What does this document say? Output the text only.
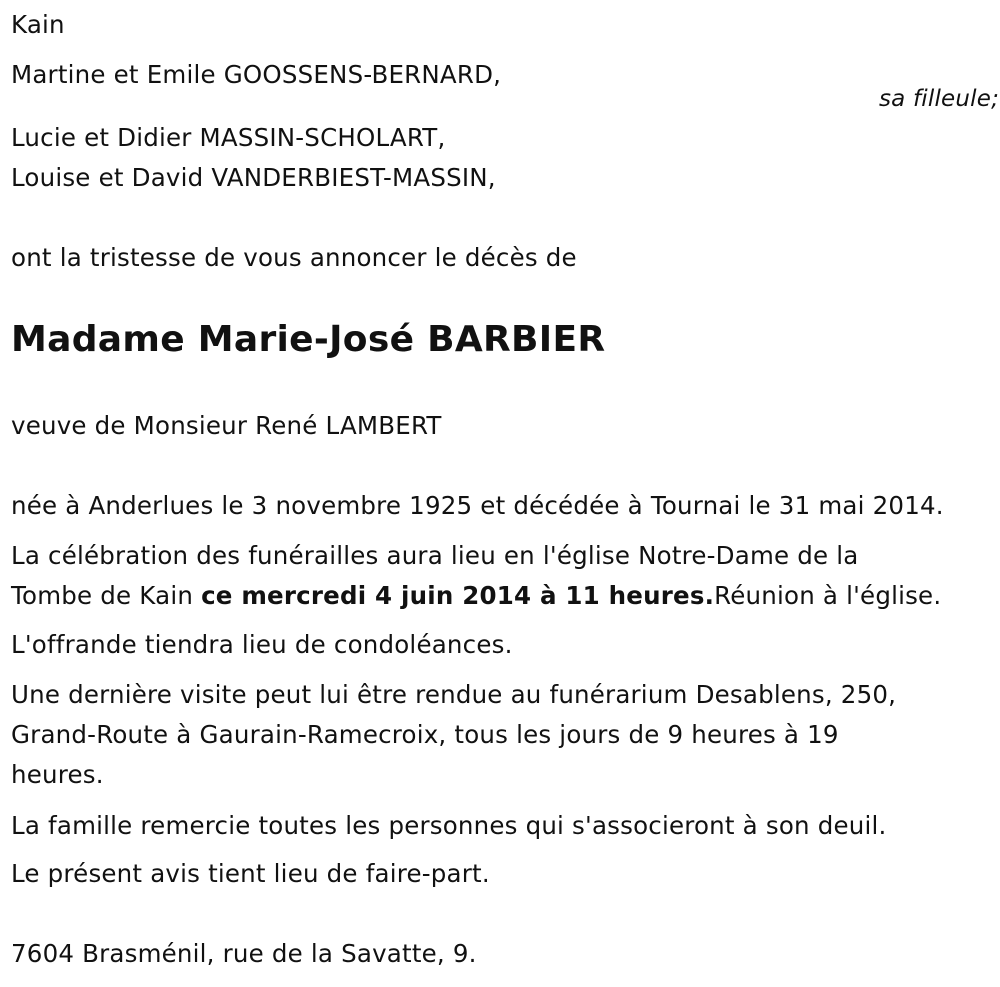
Kain
Martine et Emile GOOSSENS-BERNARD,
sa filleule;
Lucie et Didier MASSIN-SCHOLART,
Louise et David VANDERBIEST-MASSIN,
ont la tristesse de vous annoncer le décès de
Madame Marie-José BARBIER
veuve de Monsieur René LAMBERT
née à Anderlues le 3 novembre 1925 et décédée à Tournai le 31 mai 2014.
La célébration des funérailles aura lieu en l'église Notre-Dame de la
Tombe de Kain ce mercredi 4 juin 2014 à 11 heures.Réunion à l'église.
L'offrande tiendra lieu de condoléances.
Une dernière visite peut lui être rendue au funérarium Desablens, 250,
Grand-Route à Gaurain-Ramecroix, tous les jours de 9 heures à 19
heures.
La famille remercie toutes les personnes qui s'associeront à son deuil.
Le présent avis tient lieu de faire-part.
7604 Brasménil, rue de la Savatte, 9.
